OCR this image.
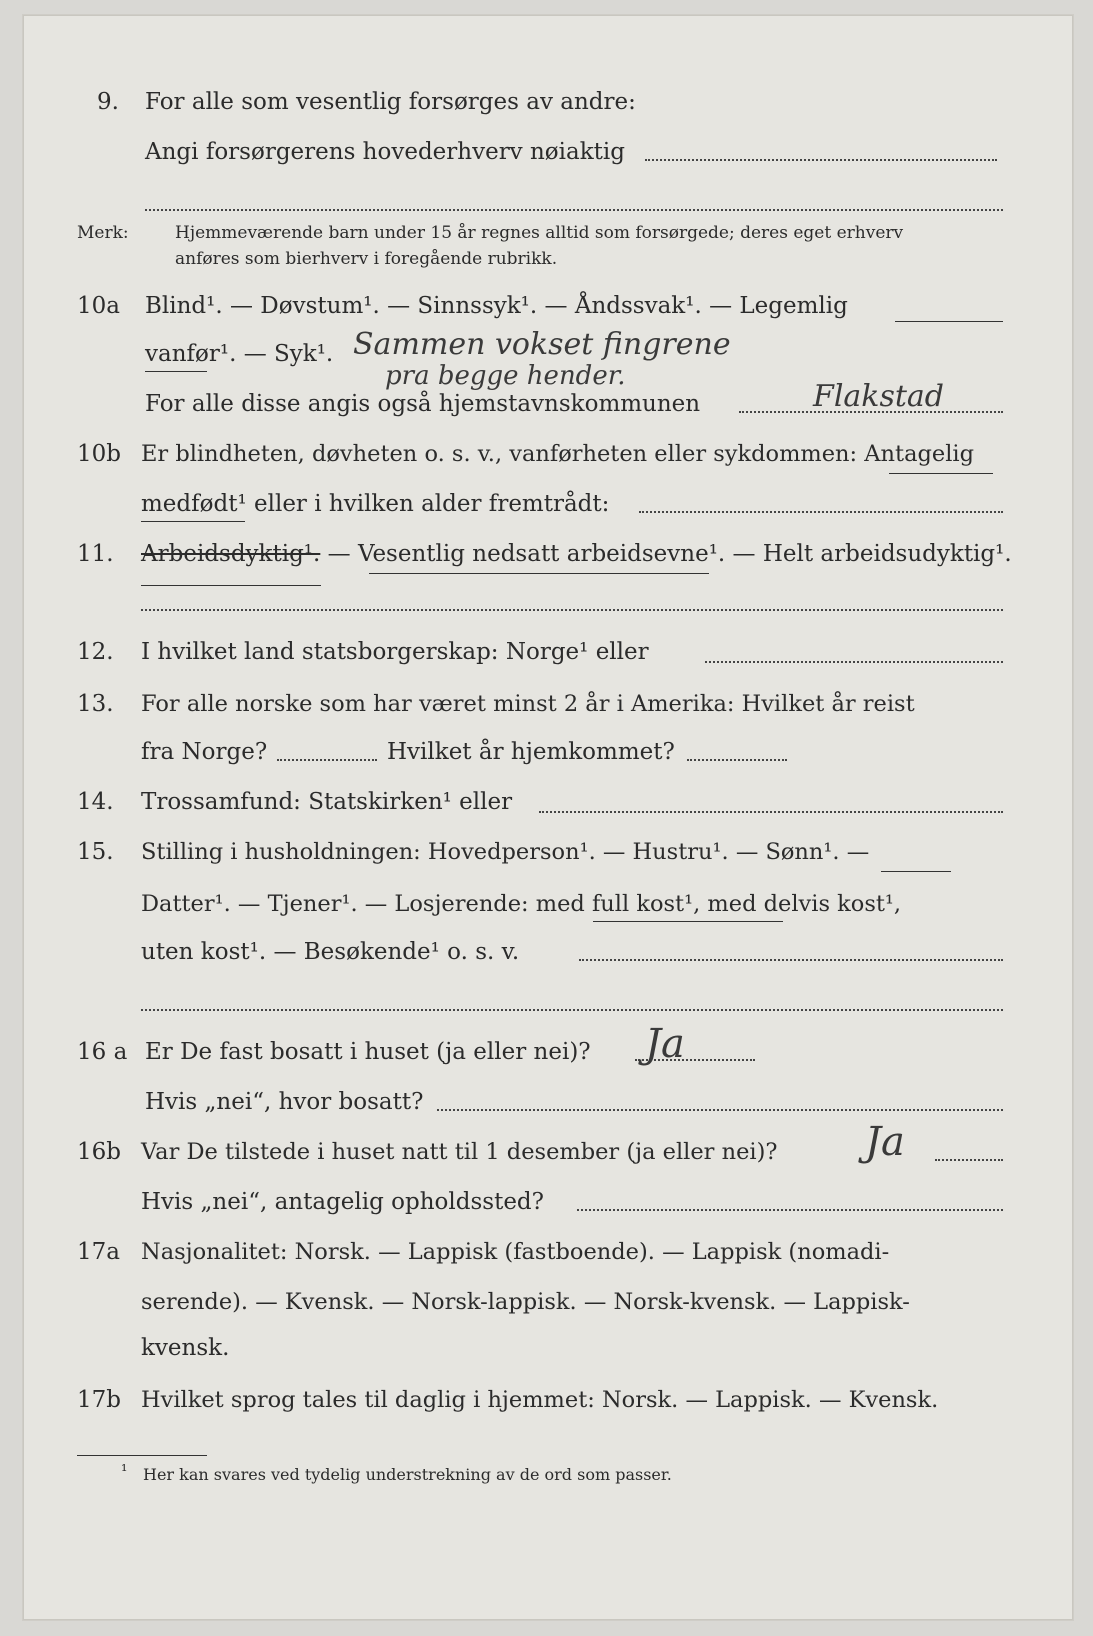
9. For alle som vesentlig forsørges av andre:
Angi forsørgerens hovederhverv nøiaktig
Merk:	Hjemmeværende barn under 15 år regnes alltid som forsørgede; deres eget erhverv
anføres som bierhverv i foregående rubrikk.
10a Blind¹. — Døvstum¹. — Sinnssyk¹. — Åndssvak¹. — Legemlig
vanfør¹. — Syk¹. Sammen vokset fingrene
pra begge hender.
For alle disse angis også hjemstavnskommunen	Flakstad
10b Er blindheten, døvheten o. s. v., vanførheten eller sykdommen: Antagelig
medfødt¹ eller i hvilken alder fremtrådt:
11. Arbeidsdyktig¹. — Vesentlig nedsatt arbeidsevne¹. — Helt arbeidsudyktig¹.
12. I hvilket land statsborgerskap: Norge¹ eller
13. For alle norske som har været minst 2 år i Amerika: Hvilket år reist
fra Norge?	Hvilket år hjemkommet?
14. Trossamfund: Statskirken¹ eller
15. Stilling i husholdningen: Hovedperson¹. — Hustru¹. — Sønn¹. —
Datter¹. — Tjener¹. — Losjerende: med full kost¹, med delvis kost¹,
uten kost¹. — Besøkende¹ o. s. v.
16 a Er De fast bosatt i huset (ja eller nei)? Ja
Hvis „nei“, hvor bosatt?
16b Var De tilstede i huset natt til 1 desember (ja eller nei)? Ja
Hvis „nei“, antagelig opholdssted?
17a Nasjonalitet: Norsk. — Lappisk (fastboende). — Lappisk (nomadi-
serende). — Kvensk. — Norsk-lappisk. — Norsk-kvensk. — Lappisk-
kvensk.
17b Hvilket sprog tales til daglig i hjemmet: Norsk. — Lappisk. — Kvensk.
¹ Her kan svares ved tydelig understrekning av de ord som passer.
